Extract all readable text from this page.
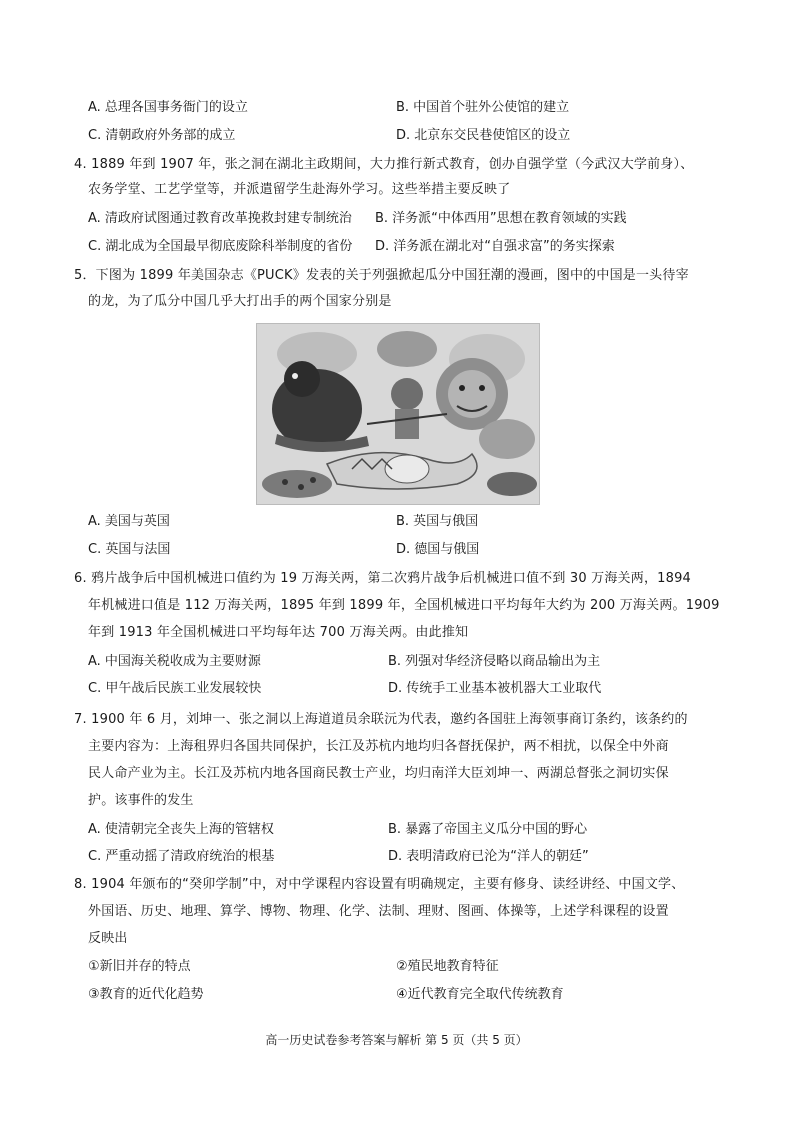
A. 总理各国事务衙门的设立	B. 中国首个驻外公使馆的建立
C. 清朝政府外务部的成立	D. 北京东交民巷使馆区的设立
4. 1889 年到 1907 年，张之洞在湖北主政期间，大力推行新式教育，创办自强学堂（今武汉大学前身）、
农务学堂、工艺学堂等，并派遣留学生赴海外学习。这些举措主要反映了
A. 清政府试图通过教育改革挽救封建专制统治 B. 洋务派“中体西用”思想在教育领域的实践
C. 湖北成为全国最早彻底废除科举制度的省份 D. 洋务派在湖北对“自强求富”的务实探索
5．下图为 1899 年美国杂志《PUCK》发表的关于列强掀起瓜分中国狂潮的漫画，图中的中国是一头待宰
的龙，为了瓜分中国几乎大打出手的两个国家分别是
A. 美国与英国	B. 英国与俄国
C. 英国与法国	D. 德国与俄国
6. 鸦片战争后中国机械进口值约为 19 万海关两，第二次鸦片战争后机械进口值不到 30 万海关两，1894
年机械进口值是 112 万海关两，1895 年到 1899 年，全国机械进口平均每年大约为 200 万海关两。1909
年到 1913 年全国机械进口平均每年达 700 万海关两。由此推知
A. 中国海关税收成为主要财源	B. 列强对华经济侵略以商品输出为主
C. 甲午战后民族工业发展较快	D. 传统手工业基本被机器大工业取代
7. 1900 年 6 月，刘坤一、张之洞以上海道道员余联沅为代表，邀约各国驻上海领事商订条约，该条约的
主要内容为：上海租界归各国共同保护，长江及苏杭内地均归各督抚保护，两不相扰，以保全中外商
民人命产业为主。长江及苏杭内地各国商民教士产业，均归南洋大臣刘坤一、两湖总督张之洞切实保
护。该事件的发生
A. 使清朝完全丧失上海的管辖权	B. 暴露了帝国主义瓜分中国的野心
C. 严重动摇了清政府统治的根基	D. 表明清政府已沦为“洋人的朝廷”
8. 1904 年颁布的“癸卯学制”中，对中学课程内容设置有明确规定，主要有修身、读经讲经、中国文学、
外国语、历史、地理、算学、博物、物理、化学、法制、理财、图画、体操等，上述学科课程的设置
反映出
①新旧并存的特点	②殖民地教育特征
③教育的近代化趋势	④近代教育完全取代传统教育
高一历史试卷参考答案与解析 第 5 页（共 5 页）
